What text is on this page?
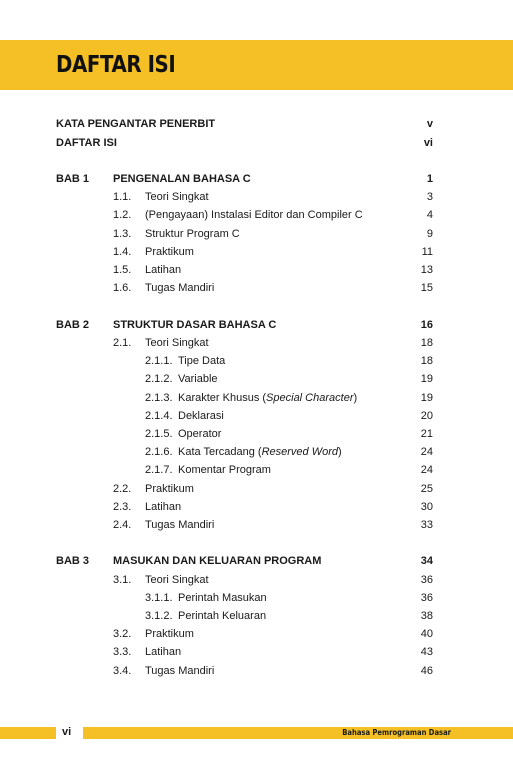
DAFTAR ISI
KATA PENGANTAR PENERBIT	v
DAFTAR ISI	vi
BAB 1 PENGENALAN BAHASA C	1
1.1. Teori Singkat	3
1.2. (Pengayaan) Instalasi Editor dan Compiler C	4
1.3. Struktur Program C	9
1.4. Praktikum	11
1.5. Latihan	13
1.6. Tugas Mandiri	15
BAB 2 STRUKTUR DASAR BAHASA C	16
2.1. Teori Singkat	18
2.1.1. Tipe Data	18
2.1.2. Variable	19
2.1.3. Karakter Khusus (Special Character)	19
2.1.4. Deklarasi	20
2.1.5. Operator	21
2.1.6. Kata Tercadang (Reserved Word)	24
2.1.7. Komentar Program	24
2.2. Praktikum	25
2.3. Latihan	30
2.4. Tugas Mandiri	33
BAB 3 MASUKAN DAN KELUARAN PROGRAM	34
3.1. Teori Singkat	36
3.1.1. Perintah Masukan	36
3.1.2. Perintah Keluaran	38
3.2. Praktikum	40
3.3. Latihan	43
3.4. Tugas Mandiri	46
vi	Bahasa Pemrograman Dasar
